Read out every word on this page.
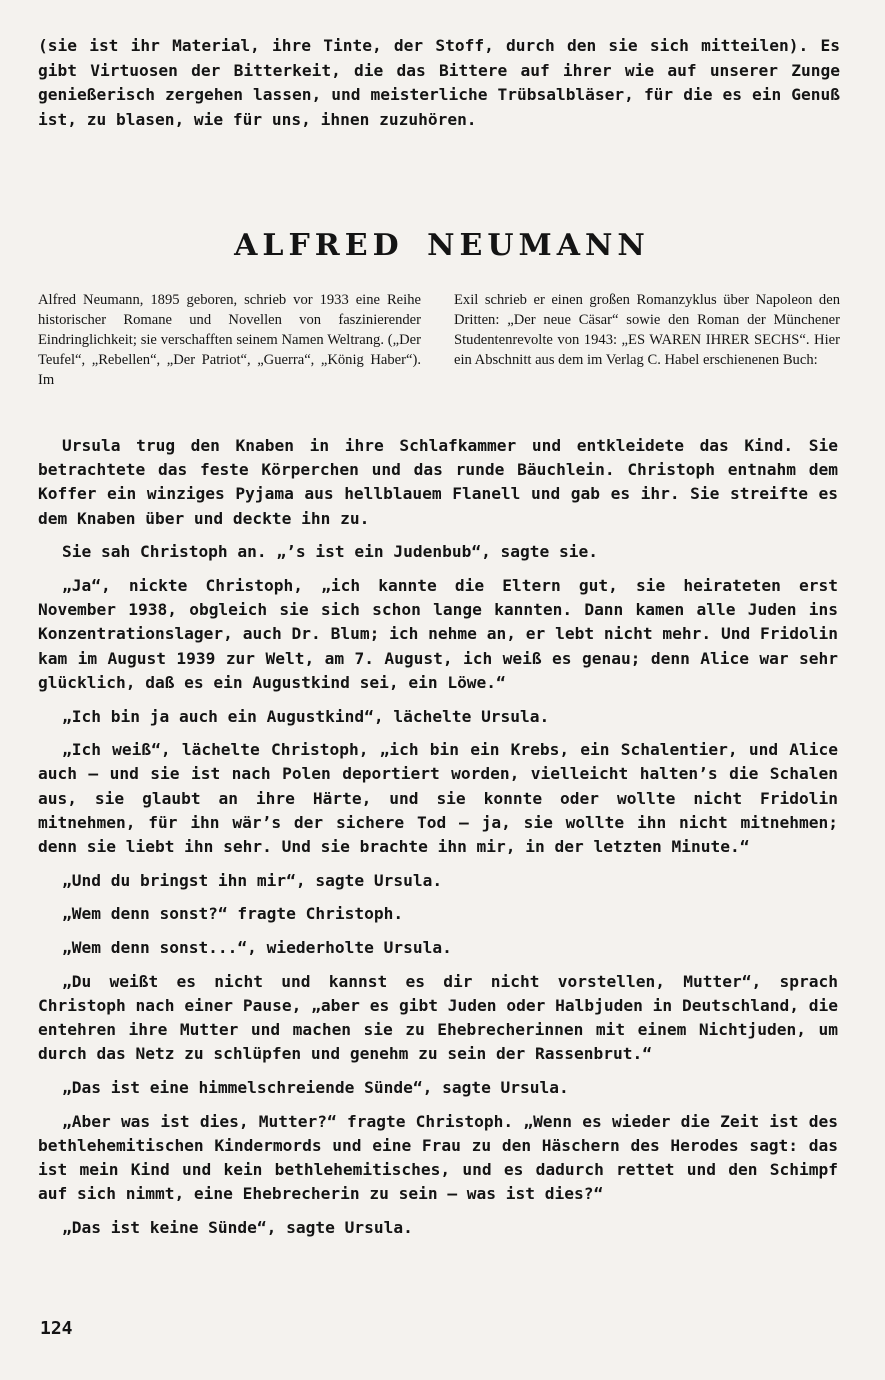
(sie ist ihr Material, ihre Tinte, der Stoff, durch den sie sich mitteilen). Es gibt Virtuosen der Bitterkeit, die das Bittere auf ihrer wie auf unserer Zunge genießerisch zergehen lassen, und meisterliche Trübsalbläser, für die es ein Genuß ist, zu blasen, wie für uns, ihnen zuzuhören.

ALFRED NEUMANN

Alfred Neumann, 1895 geboren, schrieb vor 1933 eine Reihe historischer Romane und Novellen von faszinierender Eindringlichkeit; sie verschafften seinem Namen Weltrang. („Der Teufel“, „Rebellen“, „Der Patriot“, „Guerra“, „König Haber“). Im

Exil schrieb er einen großen Romanzyklus über Napoleon den Dritten: „Der neue Cäsar“ sowie den Roman der Münchener Studentenrevolte von 1943: „ES WAREN IHRER SECHS“. Hier ein Abschnitt aus dem im Verlag C. Habel erschienenen Buch:

Ursula trug den Knaben in ihre Schlafkammer und entkleidete das Kind. Sie betrachtete das feste Körperchen und das runde Bäuchlein. Christoph entnahm dem Koffer ein winziges Pyjama aus hellblauem Flanell und gab es ihr. Sie streifte es dem Knaben über und deckte ihn zu.

Sie sah Christoph an. „’s ist ein Judenbub“, sagte sie.

„Ja“, nickte Christoph, „ich kannte die Eltern gut, sie heirateten erst November 1938, obgleich sie sich schon lange kannten. Dann kamen alle Juden ins Konzentrationslager, auch Dr. Blum; ich nehme an, er lebt nicht mehr. Und Fridolin kam im August 1939 zur Welt, am 7. August, ich weiß es genau; denn Alice war sehr glücklich, daß es ein Augustkind sei, ein Löwe.“

„Ich bin ja auch ein Augustkind“, lächelte Ursula.

„Ich weiß“, lächelte Christoph, „ich bin ein Krebs, ein Schalentier, und Alice auch — und sie ist nach Polen deportiert worden, vielleicht halten’s die Schalen aus, sie glaubt an ihre Härte, und sie konnte oder wollte nicht Fridolin mitnehmen, für ihn wär’s der sichere Tod — ja, sie wollte ihn nicht mitnehmen; denn sie liebt ihn sehr. Und sie brachte ihn mir, in der letzten Minute.“

„Und du bringst ihn mir“, sagte Ursula.

„Wem denn sonst?“ fragte Christoph.

„Wem denn sonst...“, wiederholte Ursula.

„Du weißt es nicht und kannst es dir nicht vorstellen, Mutter“, sprach Christoph nach einer Pause, „aber es gibt Juden oder Halbjuden in Deutschland, die entehren ihre Mutter und machen sie zu Ehebrecherinnen mit einem Nichtjuden, um durch das Netz zu schlüpfen und genehm zu sein der Rassenbrut.“

„Das ist eine himmelschreiende Sünde“, sagte Ursula.

„Aber was ist dies, Mutter?“ fragte Christoph. „Wenn es wieder die Zeit ist des bethlehemitischen Kindermords und eine Frau zu den Häschern des Herodes sagt: das ist mein Kind und kein bethlehemitisches, und es dadurch rettet und den Schimpf auf sich nimmt, eine Ehebrecherin zu sein — was ist dies?“

„Das ist keine Sünde“, sagte Ursula.

124
